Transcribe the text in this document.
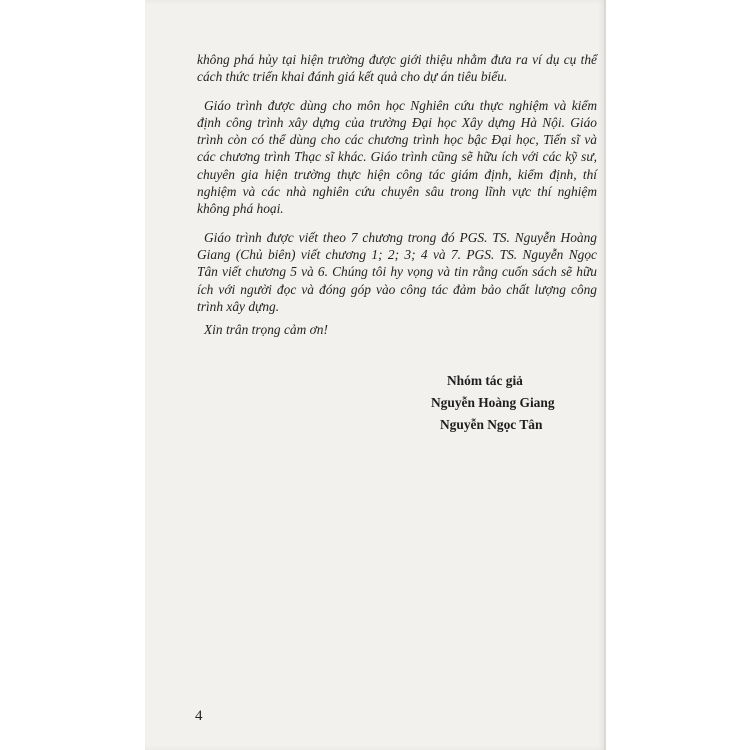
không phá hủy tại hiện trường được giới thiệu nhằm đưa ra ví dụ cụ thể
cách thức triển khai đánh giá kết quả cho dự án tiêu biểu.

Giáo trình được dùng cho môn học Nghiên cứu thực nghiệm và kiểm
định công trình xây dựng của trường Đại học Xây dựng Hà Nội. Giáo
trình còn có thể dùng cho các chương trình học bậc Đại học, Tiến sĩ và
các chương trình Thạc sĩ khác. Giáo trình cũng sẽ hữu ích với các kỹ sư,
chuyên gia hiện trường thực hiện công tác giám định, kiểm định, thí
nghiệm và các nhà nghiên cứu chuyên sâu trong lĩnh vực thí nghiệm
không phá hoại.

Giáo trình được viết theo 7 chương trong đó PGS. TS. Nguyễn Hoàng
Giang (Chủ biên) viết chương 1; 2; 3; 4 và 7. PGS. TS. Nguyễn Ngọc
Tân viết chương 5 và 6. Chúng tôi hy vọng và tin rằng cuốn sách sẽ hữu
ích với người đọc và đóng góp vào công tác đảm bảo chất lượng công
trình xây dựng.

Xin trân trọng cảm ơn!
Nhóm tác giả
Nguyễn Hoàng Giang
Nguyễn Ngọc Tân
4
